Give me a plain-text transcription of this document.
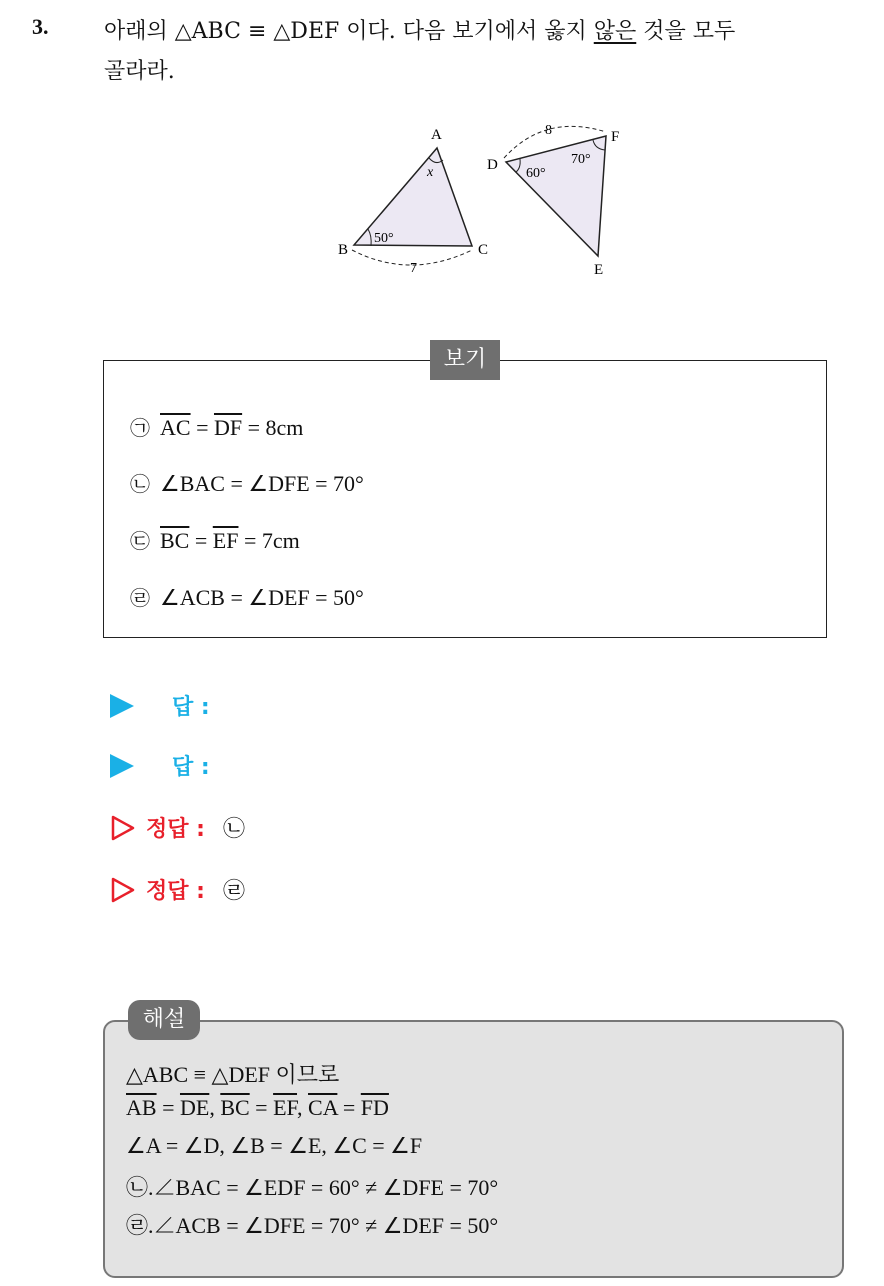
3.	아래의 △ABC ≡ △DEF 이다. 다음 보기에서 옳지 않은 것을 모두
골라라.
A
x
B
50°
C
7
D
60°
F
70°
8
E
보기
㉠ $\overline{AC} = \overline{DF} = 8cm$
㉡ ∠BAC = ∠DFE = 70°
㉢ $\overline{BC} = \overline{EF} = 7cm$
㉣ ∠ACB = ∠DEF = 50°
답 :
답 :
정답 : ㉡
정답 : ㉣
해설
△ABC ≡ △DEF 이므로
$\overline{AB} = \overline{DE}$, $\overline{BC} = \overline{EF}$, $\overline{CA} = \overline{FD}$
∠A = ∠D, ∠B = ∠E, ∠C = ∠F
㉡.∠BAC = ∠EDF = 60° ≠ ∠DFE = 70°
㉣.∠ACB = ∠DFE = 70° ≠ ∠DEF = 50°
